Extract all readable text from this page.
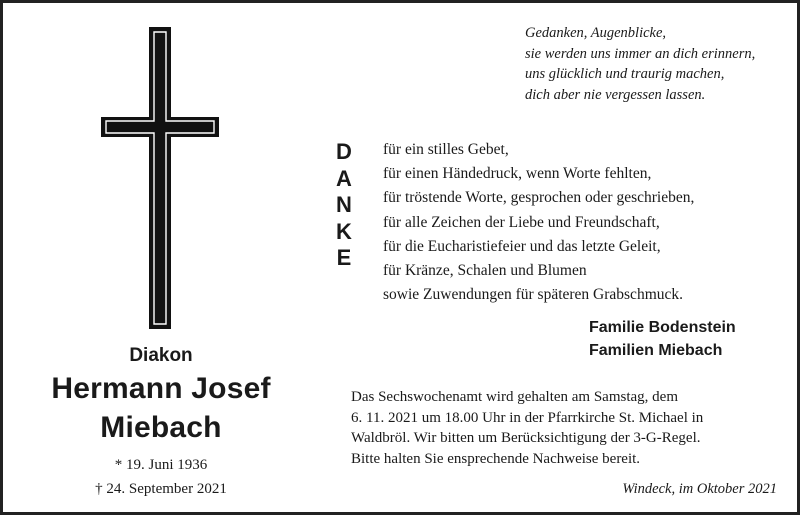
Gedanken, Augenblicke,
sie werden uns immer an dich erinnern,
uns glücklich und traurig machen,
dich aber nie vergessen lassen.
D
A
N
K
E
für ein stilles Gebet,
für einen Händedruck, wenn Worte fehlten,
für tröstende Worte, gesprochen oder geschrieben,
für alle Zeichen der Liebe und Freundschaft,
für die Eucharistiefeier und das letzte Geleit,
für Kränze, Schalen und Blumen
sowie Zuwendungen für späteren Grabschmuck.
Familie Bodenstein
Familien Miebach
Diakon
Hermann Josef
Miebach
* 19. Juni 1936
† 24. September 2021
Das Sechswochenamt wird gehalten am Samstag, dem
6. 11. 2021 um 18.00 Uhr in der Pfarrkirche St. Michael in
Waldbröl. Wir bitten um Berücksichtigung der 3-G-Regel.
Bitte halten Sie ensprechende Nachweise bereit.
Windeck, im Oktober 2021
